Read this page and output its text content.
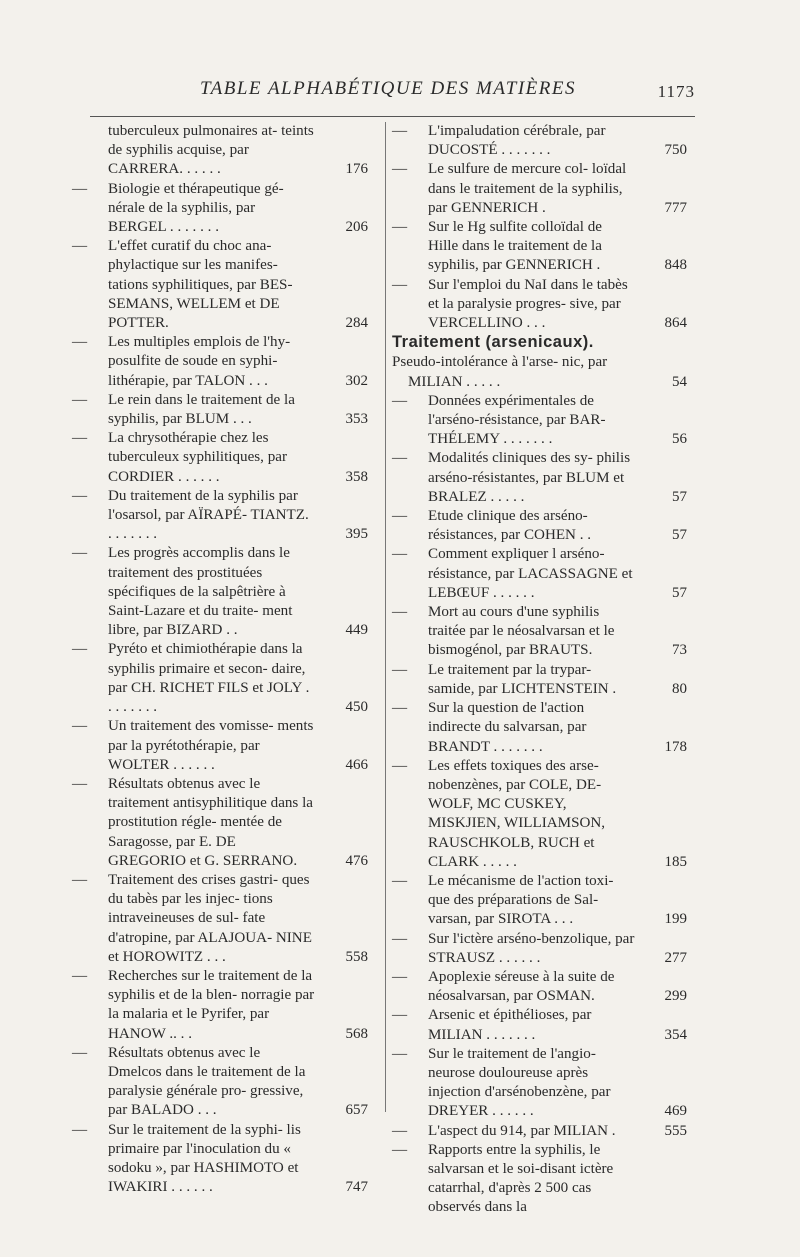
TABLE ALPHABÉTIQUE DES MATIÈRES	1173
tuberculeux pulmonaires at- teints de syphilis acquise, par CARRERA. . . . . .	176
—	Biologie et thérapeutique gé- nérale de la syphilis, par BERGEL . . . . . . .	206
—	L'effet curatif du choc ana- phylactique sur les manifes- tations syphilitiques, par BES- SEMANS, WELLEM et DE POTTER.	284
—	Les multiples emplois de l'hy- posulfite de soude en syphi- lithérapie, par TALON . . .	302
—	Le rein dans le traitement de la syphilis, par BLUM . . .	353
—	La chrysothérapie chez les tuberculeux syphilitiques, par CORDIER . . . . . .	358
—	Du traitement de la syphilis par l'osarsol, par AÏRAPÉ- TIANTZ. . . . . . . .	395
—	Les progrès accomplis dans le traitement des prostituées spécifiques de la salpêtrière à Saint-Lazare et du traite- ment libre, par BIZARD . .	449
—	Pyréto et chimiothérapie dans la syphilis primaire et secon- daire, par CH. RICHET FILS et JOLY . . . . . . . .	450
—	Un traitement des vomisse- ments par la pyrétothérapie, par WOLTER . . . . . .	466
—	Résultats obtenus avec le traitement antisyphilitique dans la prostitution régle- mentée de Saragosse, par E. DE GREGORIO et G. SERRANO.	476
—	Traitement des crises gastri- ques du tabès par les injec- tions intraveineuses de sul- fate d'atropine, par ALAJOUA- NINE et HOROWITZ . . .	558
—	Recherches sur le traitement de la syphilis et de la blen- norragie par la malaria et le Pyrifer, par HANOW .. . .	568
—	Résultats obtenus avec le Dmelcos dans le traitement de la paralysie générale pro- gressive, par BALADO . . .	657
—	Sur le traitement de la syphi- lis primaire par l'inoculation du « sodoku », par HASHIMOTO et IWAKIRI . . . . . .	747
—	L'impaludation cérébrale, par DUCOSTÉ . . . . . . .	750
—	Le sulfure de mercure col- loïdal dans le traitement de la syphilis, par GENNERICH .	777
—	Sur le Hg sulfite colloïdal de Hille dans le traitement de la syphilis, par GENNERICH .	848
—	Sur l'emploi du NaI dans le tabès et la paralysie progres- sive, par VERCELLINO . . .	864
Traitement (arsenicaux).
Pseudo-intolérance à l'arse- nic, par MILIAN . . . . .	54
—	Données expérimentales de l'arséno-résistance, par BAR- THÉLEMY . . . . . . .	56
—	Modalités cliniques des sy- philis arséno-résistantes, par BLUM et BRALEZ . . . . .	57
—	Etude clinique des arséno- résistances, par COHEN . .	57
—	Comment expliquer l arséno- résistance, par LACASSAGNE et LEBŒUF . . . . . .	57
—	Mort au cours d'une syphilis traitée par le néosalvarsan et le bismogénol, par BRAUTS.	73
—	Le traitement par la trypar- samide, par LICHTENSTEIN .	80
—	Sur la question de l'action indirecte du salvarsan, par BRANDT . . . . . . .	178
—	Les effets toxiques des arse- nobenzènes, par COLE, DE- WOLF, MC CUSKEY, MISKJIEN, WILLIAMSON, RAUSCHKOLB, RUCH et CLARK . . . . .	185
—	Le mécanisme de l'action toxi- que des préparations de Sal- varsan, par SIROTA . . .	199
—	Sur l'ictère arséno-benzolique, par STRAUSZ . . . . . .	277
—	Apoplexie séreuse à la suite de néosalvarsan, par OSMAN.	299
—	Arsenic et épithélioses, par MILIAN . . . . . . .	354
—	Sur le traitement de l'angio- neurose douloureuse après injection d'arsénobenzène, par DREYER . . . . . .	469
—	L'aspect du 914, par MILIAN .	555
—	Rapports entre la syphilis, le salvarsan et le soi-disant ictère catarrhal, d'après 2 500 cas observés dans la
